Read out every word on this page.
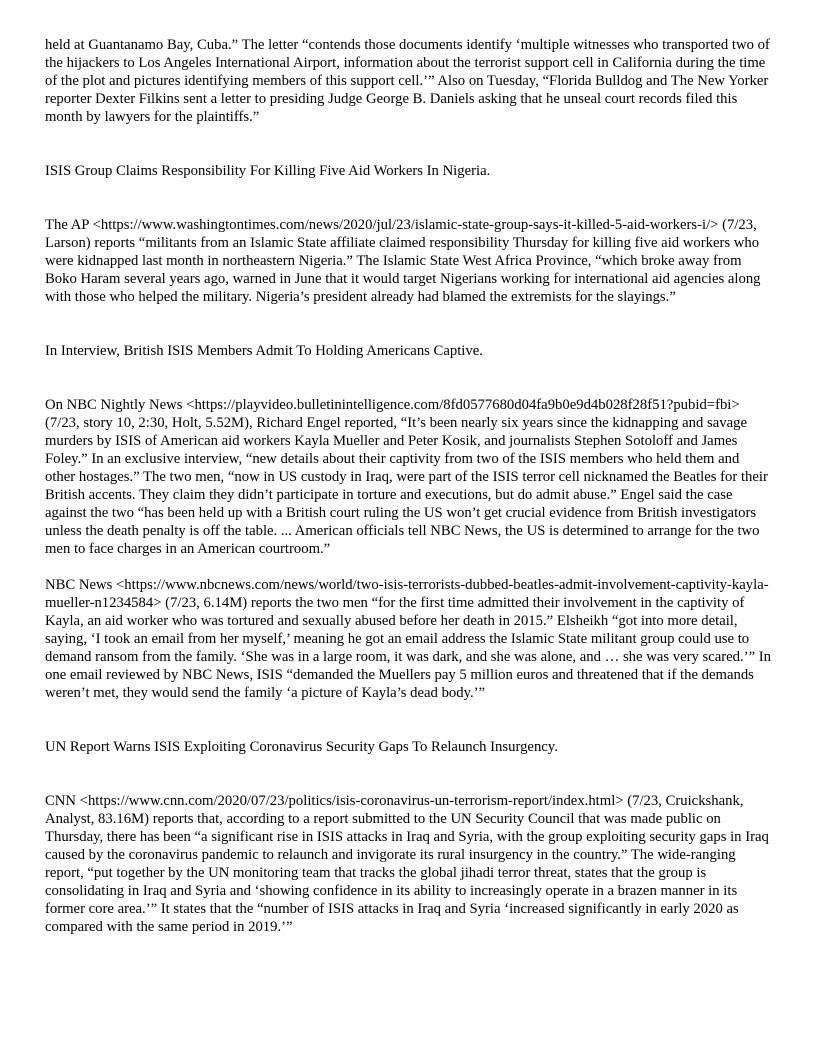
held at Guantanamo Bay, Cuba.” The letter “contends those documents identify ‘multiple witnesses who transported two of the hijackers to Los Angeles International Airport, information about the terrorist support cell in California during the time of the plot and pictures identifying members of this support cell.’” Also on Tuesday, “Florida Bulldog and The New Yorker reporter Dexter Filkins sent a letter to presiding Judge George B. Daniels asking that he unseal court records filed this month by lawyers for the plaintiffs.”

ISIS Group Claims Responsibility For Killing Five Aid Workers In Nigeria.

The AP <https://www.washingtontimes.com/news/2020/jul/23/islamic-state-group-says-it-killed-5-aid-workers-i/> (7/23, Larson) reports “militants from an Islamic State affiliate claimed responsibility Thursday for killing five aid workers who were kidnapped last month in northeastern Nigeria.” The Islamic State West Africa Province, “which broke away from Boko Haram several years ago, warned in June that it would target Nigerians working for international aid agencies along with those who helped the military. Nigeria’s president already had blamed the extremists for the slayings.”

In Interview, British ISIS Members Admit To Holding Americans Captive.

On NBC Nightly News <https://playvideo.bulletinintelligence.com/8fd0577680d04fa9b0e9d4b028f28f51?pubid=fbi> (7/23, story 10, 2:30, Holt, 5.52M), Richard Engel reported, “It’s been nearly six years since the kidnapping and savage murders by ISIS of American aid workers Kayla Mueller and Peter Kosik, and journalists Stephen Sotoloff and James Foley.” In an exclusive interview, “new details about their captivity from two of the ISIS members who held them and other hostages.” The two men, “now in US custody in Iraq, were part of the ISIS terror cell nicknamed the Beatles for their British accents. They claim they didn’t participate in torture and executions, but do admit abuse.” Engel said the case against the two “has been held up with a British court ruling the US won’t get crucial evidence from British investigators unless the death penalty is off the table. ... American officials tell NBC News, the US is determined to arrange for the two men to face charges in an American courtroom.”

NBC News <https://www.nbcnews.com/news/world/two-isis-terrorists-dubbed-beatles-admit-involvement-captivity-kayla-mueller-n1234584> (7/23, 6.14M) reports the two men “for the first time admitted their involvement in the captivity of Kayla, an aid worker who was tortured and sexually abused before her death in 2015.” Elsheikh “got into more detail, saying, ‘I took an email from her myself,’ meaning he got an email address the Islamic State militant group could use to demand ransom from the family. ‘She was in a large room, it was dark, and she was alone, and … she was very scared.’” In one email reviewed by NBC News, ISIS “demanded the Muellers pay 5 million euros and threatened that if the demands weren’t met, they would send the family ‘a picture of Kayla’s dead body.’”

UN Report Warns ISIS Exploiting Coronavirus Security Gaps To Relaunch Insurgency.

CNN <https://www.cnn.com/2020/07/23/politics/isis-coronavirus-un-terrorism-report/index.html> (7/23, Cruickshank, Analyst, 83.16M) reports that, according to a report submitted to the UN Security Council that was made public on Thursday, there has been “a significant rise in ISIS attacks in Iraq and Syria, with the group exploiting security gaps in Iraq caused by the coronavirus pandemic to relaunch and invigorate its rural insurgency in the country.” The wide-ranging report, “put together by the UN monitoring team that tracks the global jihadi terror threat, states that the group is consolidating in Iraq and Syria and ‘showing confidence in its ability to increasingly operate in a brazen manner in its former core area.’” It states that the “number of ISIS attacks in Iraq and Syria ‘increased significantly in early 2020 as compared with the same period in 2019.’”
